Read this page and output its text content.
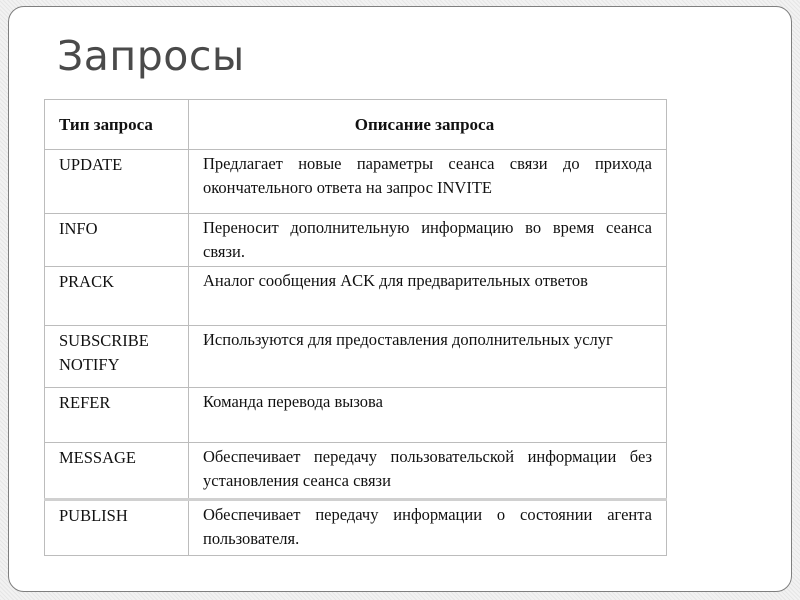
Запросы
Тип запроса	Описание запроса
UPDATE	Предлагает новые параметры сеанса связи до прихода окончательного ответа на запрос INVITE
INFO	Переносит дополнительную информацию во время сеанса связи.
PRACK	Аналог сообщения ACK для предварительных ответов
SUBSCRIBE NOTIFY	Используются для предоставления дополнительных услуг
REFER	Команда перевода вызова
MESSAGE	Обеспечивает передачу пользовательской информации без установления сеанса связи
PUBLISH	Обеспечивает передачу информации о состоянии агента пользователя.
